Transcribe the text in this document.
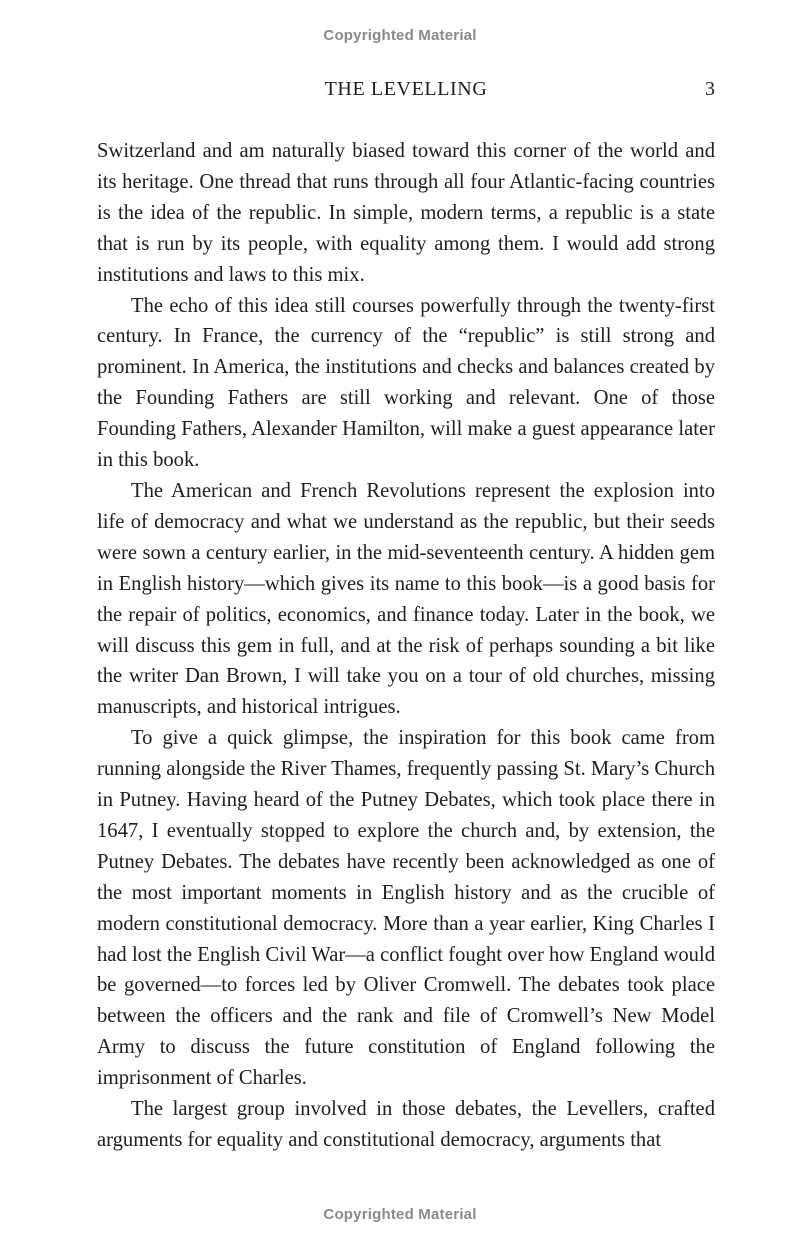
Copyrighted Material
THE LEVELLING	3

Switzerland and am naturally biased toward this corner of the world and its heritage. One thread that runs through all four Atlantic-facing countries is the idea of the republic. In simple, modern terms, a republic is a state that is run by its people, with equality among them. I would add strong institutions and laws to this mix.

The echo of this idea still courses powerfully through the twenty-first century. In France, the currency of the “republic” is still strong and prominent. In America, the institutions and checks and balances created by the Founding Fathers are still working and relevant. One of those Founding Fathers, Alexander Hamilton, will make a guest appearance later in this book.

The American and French Revolutions represent the explosion into life of democracy and what we understand as the republic, but their seeds were sown a century earlier, in the mid-seventeenth century. A hidden gem in English history—which gives its name to this book—is a good basis for the repair of politics, economics, and finance today. Later in the book, we will discuss this gem in full, and at the risk of perhaps sounding a bit like the writer Dan Brown, I will take you on a tour of old churches, missing manuscripts, and historical intrigues.

To give a quick glimpse, the inspiration for this book came from running alongside the River Thames, frequently passing St. Mary’s Church in Putney. Having heard of the Putney Debates, which took place there in 1647, I eventually stopped to explore the church and, by extension, the Putney Debates. The debates have recently been acknowledged as one of the most important moments in English history and as the crucible of modern constitutional democracy. More than a year earlier, King Charles I had lost the English Civil War—a conflict fought over how England would be governed—to forces led by Oliver Cromwell. The debates took place between the officers and the rank and file of Cromwell’s New Model Army to discuss the future constitution of England following the imprisonment of Charles.

The largest group involved in those debates, the Levellers, crafted arguments for equality and constitutional democracy, arguments that

Copyrighted Material
